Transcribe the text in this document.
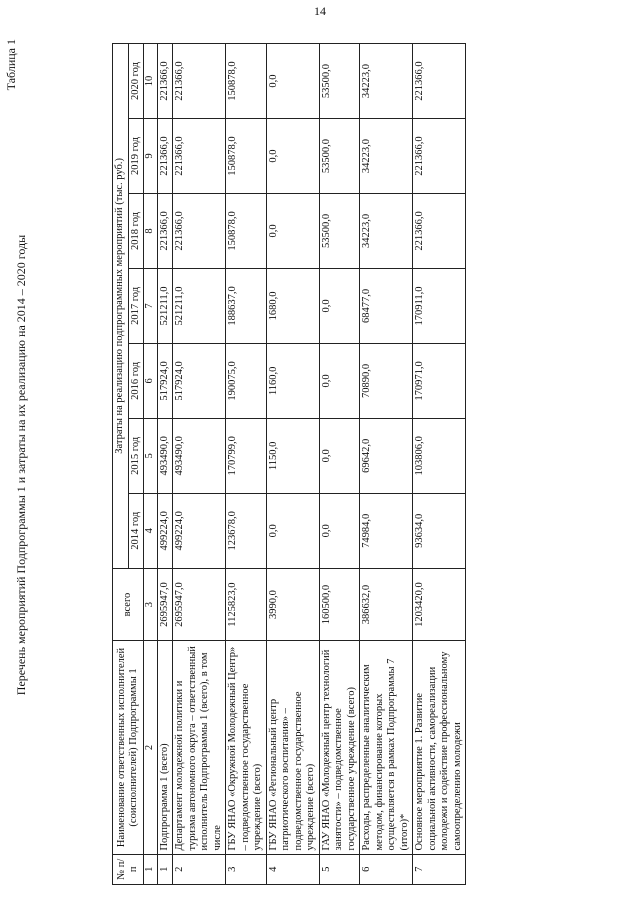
14
Таблица 1
Перечень мероприятий Подпрограммы 1 и затраты на их реализацию на 2014 – 2020 годы
№ п/п	Наименование ответственных исполнителей (соисполнителей) Подпрограммы 1	всего	Затраты на реализацию подпрограммных мероприятий (тыс. руб.)						
			2014 год	2015 год	2016 год	2017 год	2018 год	2019 год	2020 год
1	2	3	4	5	6	7	8	9	10
1	Подпрограмма 1 (всего)	2695947,0	499224,0	493490,0	517924,0	521211,0	221366,0	221366,0	221366,0
2	Департамент молодежной политики и туризма автономного округа – ответственный исполнитель Подпрограммы 1 (всего), в том числе	2695947,0	499224,0	493490,0	517924,0	521211,0	221366,0	221366,0	221366,0
3	ГБУ ЯНАО «Окружной Молодежный Центр» – подведомственное государственное учреждение (всего)	1125823,0	123678,0	170799,0	190075,0	188637,0	150878,0	150878,0	150878,0
4	ГБУ ЯНАО «Региональный центр патриотического воспитания» – подведомственное государственное учреждение (всего)	3990,0	0,0	1150,0	1160,0	1680,0	0,0	0,0	0,0
5	ГАУ ЯНАО «Молодежный центр технологий занятости» – подведомственное государственное учреждение (всего)	160500,0	0,0	0,0	0,0	0,0	53500,0	53500,0	53500,0
6	Расходы, распределенные аналитическим методом, финансирование которых осуществляется в рамках Подпрограммы 7 (итого)*	386632,0	74984,0	69642,0	70890,0	68477,0	34223,0	34223,0	34223,0
7	Основное мероприятие 1. Развитие социальной активности, самореализации молодежи и содействие профессиональному самоопределению молодежи	1203420,0	93634,0	103806,0	170971,0	170911,0	221366,0	221366,0	221366,0
